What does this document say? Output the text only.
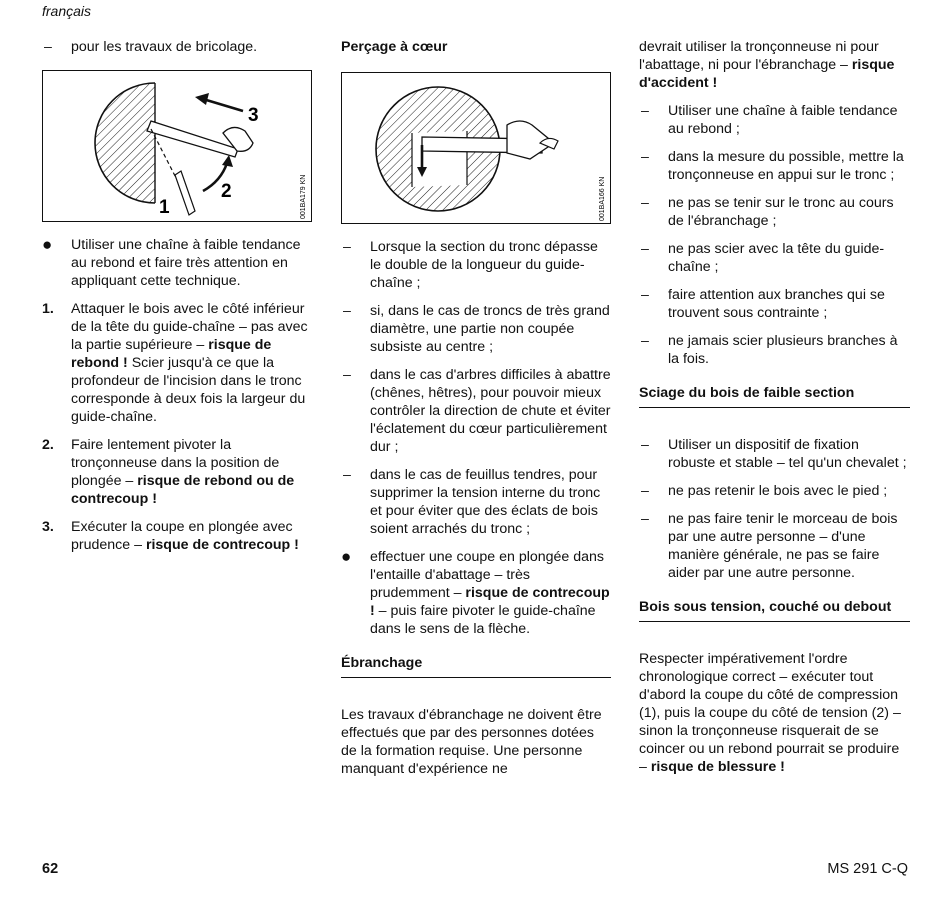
français
– pour les travaux de bricolage.
3
2
1	001BA179 KN
● Utiliser une chaîne à faible tendance au rebond et faire très attention en appliquant cette technique.
1. Attaquer le bois avec le côté inférieur de la tête du guide-chaîne – pas avec la partie supérieure – risque de rebond ! Scier jusqu'à ce que la profondeur de l'incision dans le tronc corresponde à deux fois la largeur du guide-chaîne.
2. Faire lentement pivoter la tronçonneuse dans la position de plongée – risque de rebond ou de contrecoup !
3. Exécuter la coupe en plongée avec prudence – risque de contrecoup !

Perçage à cœur

001BA166 KN
– Lorsque la section du tronc dépasse le double de la longueur du guide-chaîne ;
– si, dans le cas de troncs de très grand diamètre, une partie non coupée subsiste au centre ;
– dans le cas d'arbres difficiles à abattre (chênes, hêtres), pour pouvoir mieux contrôler la direction de chute et éviter l'éclatement du cœur particulièrement dur ;
– dans le cas de feuillus tendres, pour supprimer la tension interne du tronc et pour éviter que des éclats de bois soient arrachés du tronc ;
● effectuer une coupe en plongée dans l'entaille d'abattage – très prudemment – risque de contrecoup ! – puis faire pivoter le guide-chaîne dans le sens de la flèche.

Ébranchage

Les travaux d'ébranchage ne doivent être effectués que par des personnes dotées de la formation requise. Une personne manquant d'expérience ne

devrait utiliser la tronçonneuse ni pour l'abattage, ni pour l'ébranchage – risque d'accident !

– Utiliser une chaîne à faible tendance au rebond ;
– dans la mesure du possible, mettre la tronçonneuse en appui sur le tronc ;
– ne pas se tenir sur le tronc au cours de l'ébranchage ;
– ne pas scier avec la tête du guide-chaîne ;
– faire attention aux branches qui se trouvent sous contrainte ;
– ne jamais scier plusieurs branches à la fois.

Sciage du bois de faible section

– Utiliser un dispositif de fixation robuste et stable – tel qu'un chevalet ;
– ne pas retenir le bois avec le pied ;
– ne pas faire tenir le morceau de bois par une autre personne – d'une manière générale, ne pas se faire aider par une autre personne.

Bois sous tension, couché ou debout

Respecter impérativement l'ordre chronologique correct – exécuter tout d'abord la coupe du côté de compression (1), puis la coupe du côté de tension (2) – sinon la tronçonneuse risquerait de se coincer ou un rebond pourrait se produire – risque de blessure !

62	MS 291 C-Q
